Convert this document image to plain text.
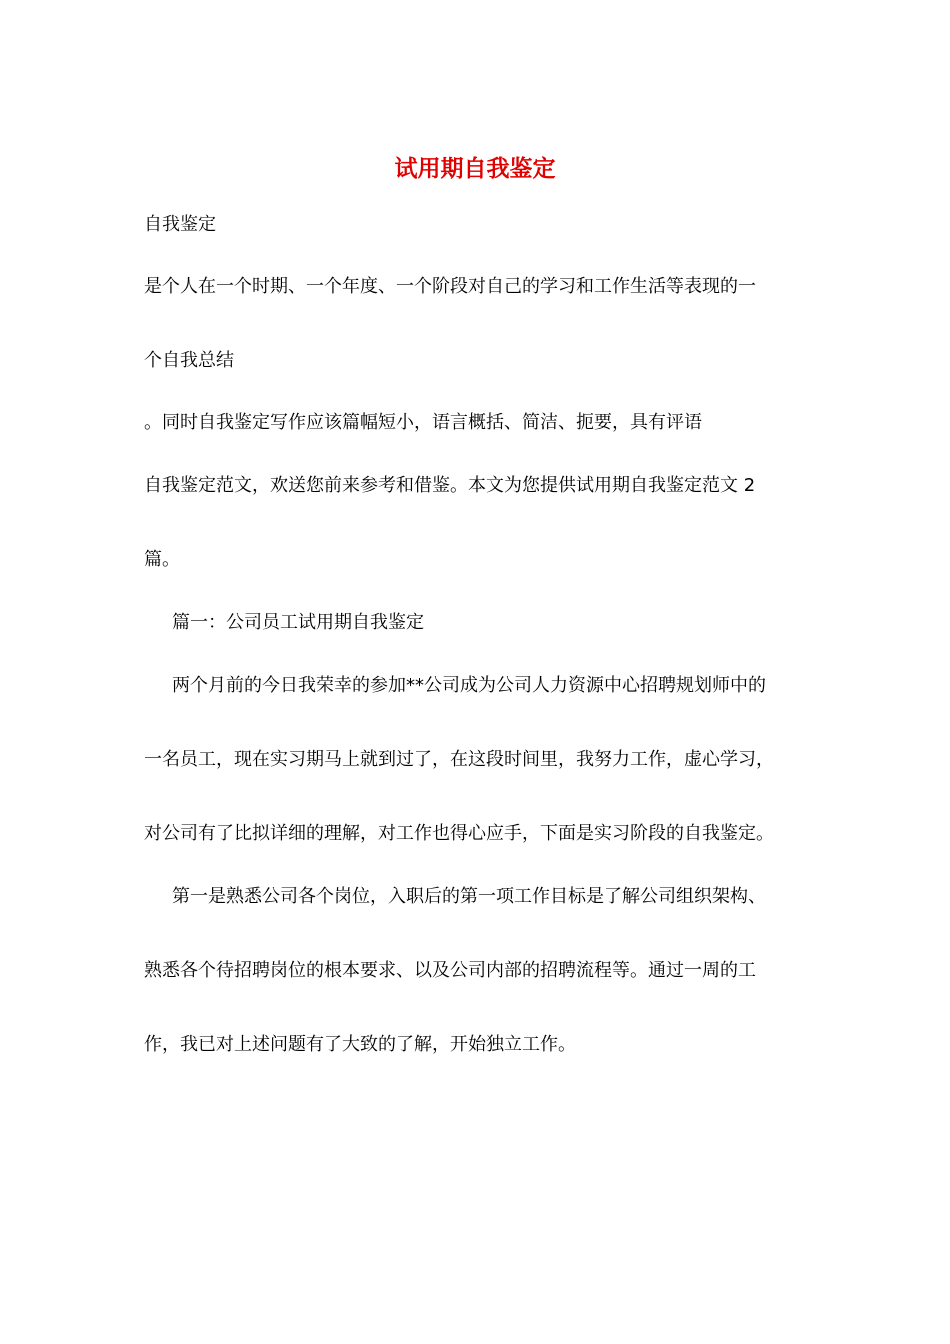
试用期自我鉴定

自我鉴定

是个人在一个时期、一个年度、一个阶段对自己的学习和工作生活等表现的一

个自我总结

。同时自我鉴定写作应该篇幅短小，语言概括、简洁、扼要，具有评语

自我鉴定范文，欢送您前来参考和借鉴。本文为您提供试用期自我鉴定范文 2

篇。

篇一：公司员工试用期自我鉴定

两个月前的今日我荣幸的参加**公司成为公司人力资源中心招聘规划师中的

一名员工，现在实习期马上就到过了，在这段时间里，我努力工作，虚心学习，

对公司有了比拟详细的理解，对工作也得心应手，下面是实习阶段的自我鉴定。

第一是熟悉公司各个岗位，入职后的第一项工作目标是了解公司组织架构、

熟悉各个待招聘岗位的根本要求、以及公司内部的招聘流程等。通过一周的工

作，我已对上述问题有了大致的了解，开始独立工作。
